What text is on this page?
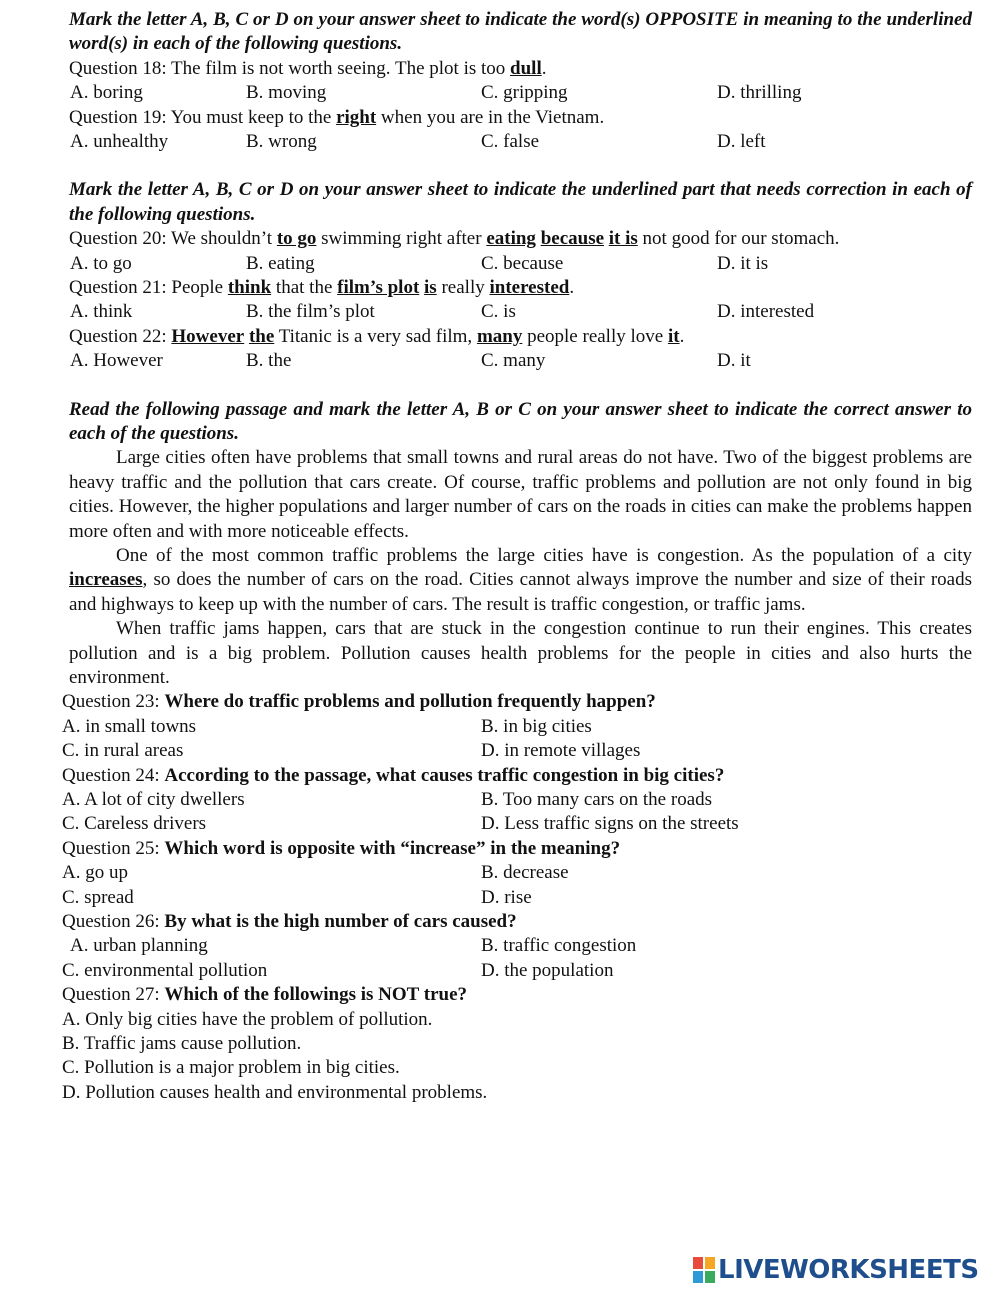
Mark the letter A, B, C or D on your answer sheet to indicate the word(s) OPPOSITE in meaning to the underlined word(s) in each of the following questions.
Question 18: The film is not worth seeing. The plot is too dull.
A. boring	B. moving	C. gripping	D. thrilling
Question 19: You must keep to the right when you are in the Vietnam.
A. unhealthy	B. wrong	C. false	D. left
Mark the letter A, B, C or D on your answer sheet to indicate the underlined part that needs correction in each of the following questions.
Question 20: We shouldn’t to go swimming right after eating because it is not good for our stomach.
A. to go	B. eating	C. because	D. it is
Question 21: People think that the film’s plot is really interested.
A. think	B. the film’s plot	C. is	D. interested
Question 22: However the Titanic is a very sad film, many people really love it.
A. However	B. the	C. many	D. it
Read the following passage and mark the letter A, B or C on your answer sheet to indicate the correct answer to each of the questions.
Large cities often have problems that small towns and rural areas do not have. Two of the biggest problems are heavy traffic and the pollution that cars create. Of course, traffic problems and pollution are not only found in big cities. However, the higher populations and larger number of cars on the roads in cities can make the problems happen more often and with more noticeable effects.
One of the most common traffic problems the large cities have is congestion. As the population of a city increases, so does the number of cars on the road. Cities cannot always improve the number and size of their roads and highways to keep up with the number of cars. The result is traffic congestion, or traffic jams.
When traffic jams happen, cars that are stuck in the congestion continue to run their engines. This creates pollution and is a big problem. Pollution causes health problems for the people in cities and also hurts the environment.
Question 23: Where do traffic problems and pollution frequently happen?
A. in small towns	B. in big cities
C. in rural areas	D. in remote villages
Question 24: According to the passage, what causes traffic congestion in big cities?
A. A lot of city dwellers	B. Too many cars on the roads
C. Careless drivers	D. Less traffic signs on the streets
Question 25: Which word is opposite with “increase” in the meaning?
A. go up	B. decrease
C. spread	D. rise
Question 26: By what is the high number of cars caused?
A. urban planning	B. traffic congestion
C. environmental pollution	D. the population
Question 27: Which of the followings is NOT true?
A. Only big cities have the problem of pollution.
B. Traffic jams cause pollution.
C. Pollution is a major problem in big cities.
D. Pollution causes health and environmental problems.
LIVEWORKSHEETS
